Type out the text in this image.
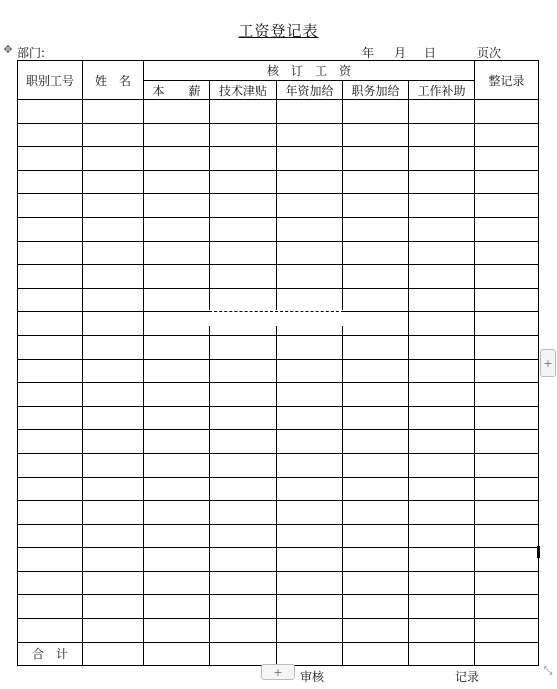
✥
工资登记表
部门:	年 月 日	页次
职别工号	姓　名	核　订　工　资					整记录
		本　　薪	技术津贴	年资加给	职务加给	工作补助	

合　计							
+
+	⤡
审核	记录
